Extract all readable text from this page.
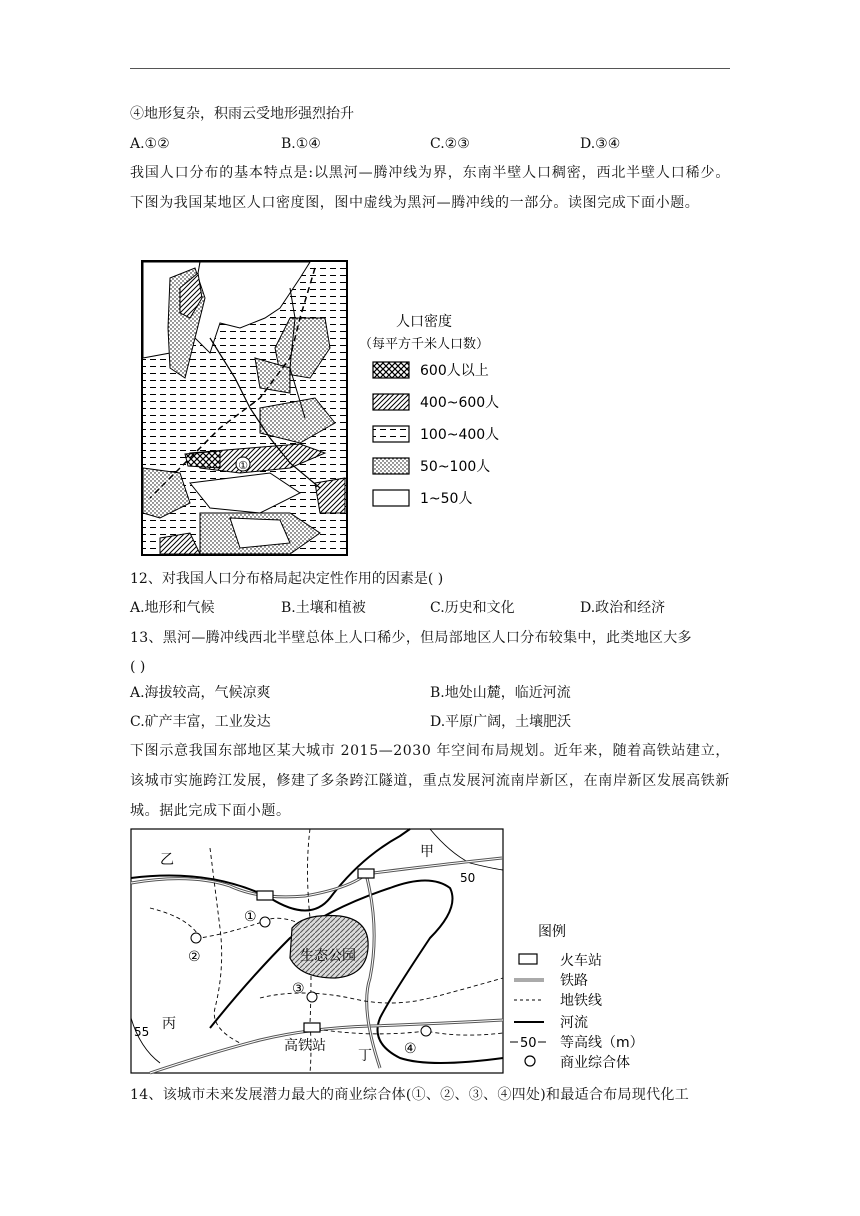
④地形复杂，积雨云受地形强烈抬升
A.①②	B.①④	C.②③	D.③④
我国人口分布的基本特点是:以黑河—腾冲线为界，东南半壁人口稠密，西北半壁人口稀少。下图为我国某地区人口密度图，图中虚线为黑河—腾冲线的一部分。读图完成下面小题。
①
人口密度
（每平方千米人口数）
600人以上
400~600人
100~400人
50~100人
1~50人
12、对我国人口分布格局起决定性作用的因素是( )
A.地形和气候	B.土壤和植被	C.历史和文化	D.政治和经济
13、黑河—腾冲线西北半壁总体上人口稀少，但局部地区人口分布较集中，此类地区大多
( )
A.海拔较高，气候凉爽	B.地处山麓，临近河流
C.矿产丰富，工业发达	D.平原广阔，土壤肥沃
下图示意我国东部地区某大城市 2015—2030 年空间布局规划。近年来，随着高铁站建立，该城市实施跨江发展，修建了多条跨江隧道，重点发展河流南岸新区，在南岸新区发展高铁新城。据此完成下面小题。
生态公园
乙	甲
丙
丁
高铁站
50
55
①
②
③
④
图例
火车站
铁路
地铁线
河流
50 等高线（m）
商业综合体
14、该城市未来发展潜力最大的商业综合体(①、②、③、④四处)和最适合布局现代化工
